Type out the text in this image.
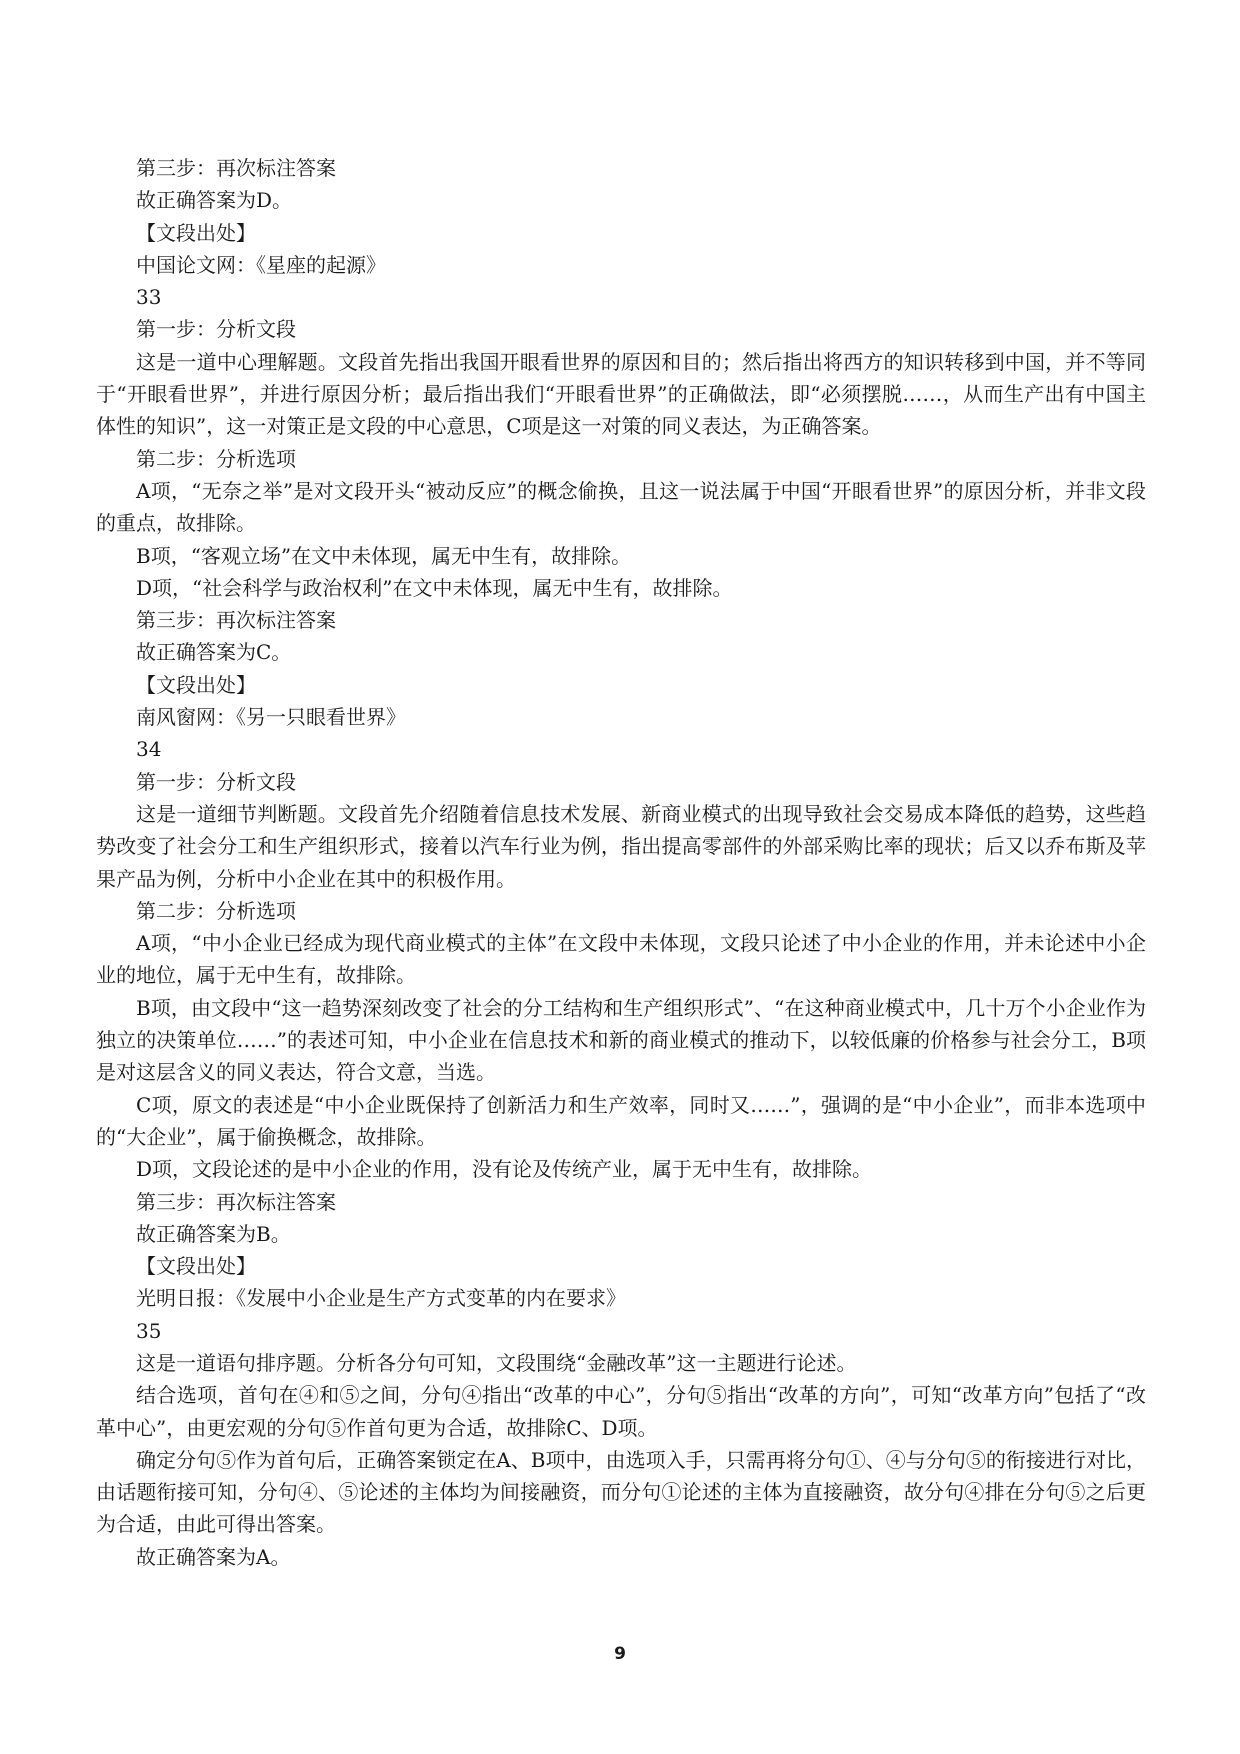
第三步：再次标注答案

故正确答案为D。

【文段出处】

中国论文网：《星座的起源》

33

第一步：分析文段

这是一道中心理解题。文段首先指出我国开眼看世界的原因和目的；然后指出将西方的知识转移到中国，并不等同于“开眼看世界”，并进行原因分析；最后指出我们“开眼看世界”的正确做法，即“必须摆脱……，从而生产出有中国主体性的知识”，这一对策正是文段的中心意思，C项是这一对策的同义表达，为正确答案。

第二步：分析选项

A项，“无奈之举”是对文段开头“被动反应”的概念偷换，且这一说法属于中国“开眼看世界”的原因分析，并非文段的重点，故排除。

B项，“客观立场”在文中未体现，属无中生有，故排除。

D项，“社会科学与政治权利”在文中未体现，属无中生有，故排除。

第三步：再次标注答案

故正确答案为C。

【文段出处】

南风窗网：《另一只眼看世界》

34

第一步：分析文段

这是一道细节判断题。文段首先介绍随着信息技术发展、新商业模式的出现导致社会交易成本降低的趋势，这些趋势改变了社会分工和生产组织形式，接着以汽车行业为例，指出提高零部件的外部采购比率的现状；后又以乔布斯及苹果产品为例，分析中小企业在其中的积极作用。

第二步：分析选项

A项，“中小企业已经成为现代商业模式的主体”在文段中未体现，文段只论述了中小企业的作用，并未论述中小企业的地位，属于无中生有，故排除。

B项，由文段中“这一趋势深刻改变了社会的分工结构和生产组织形式”、“在这种商业模式中，几十万个小企业作为独立的决策单位……”的表述可知，中小企业在信息技术和新的商业模式的推动下，以较低廉的价格参与社会分工，B项是对这层含义的同义表达，符合文意，当选。

C项，原文的表述是“中小企业既保持了创新活力和生产效率，同时又……”，强调的是“中小企业”，而非本选项中的“大企业”，属于偷换概念，故排除。

D项，文段论述的是中小企业的作用，没有论及传统产业，属于无中生有，故排除。

第三步：再次标注答案

故正确答案为B。

【文段出处】

光明日报：《发展中小企业是生产方式变革的内在要求》

35

这是一道语句排序题。分析各分句可知，文段围绕“金融改革”这一主题进行论述。

结合选项，首句在④和⑤之间，分句④指出“改革的中心”，分句⑤指出“改革的方向”，可知“改革方向”包括了“改革中心”，由更宏观的分句⑤作首句更为合适，故排除C、D项。

确定分句⑤作为首句后，正确答案锁定在A、B项中，由选项入手，只需再将分句①、④与分句⑤的衔接进行对比，由话题衔接可知，分句④、⑤论述的主体均为间接融资，而分句①论述的主体为直接融资，故分句④排在分句⑤之后更为合适，由此可得出答案。

故正确答案为A。

9
